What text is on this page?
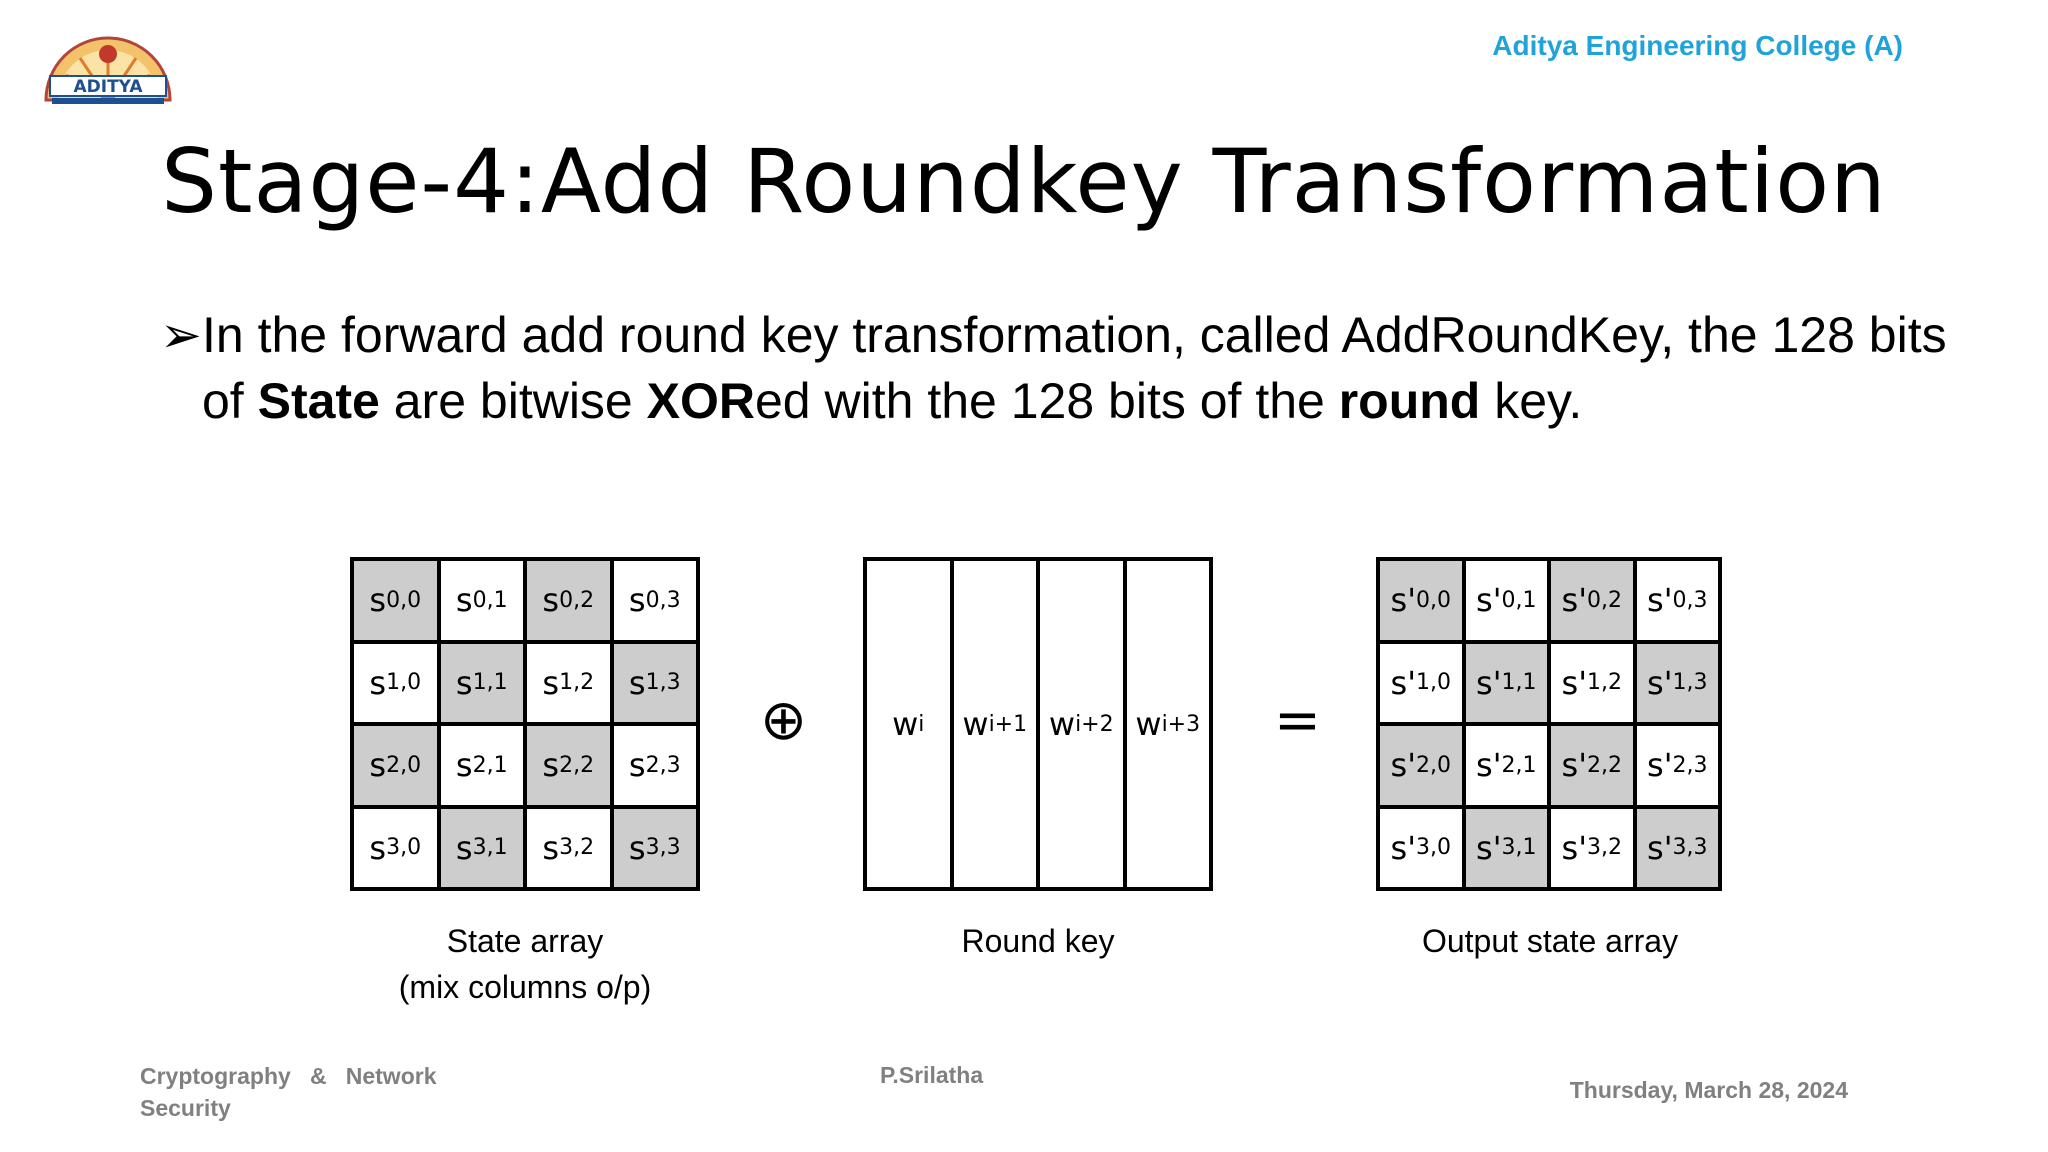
ADITYA
Aditya Engineering College (A)
Stage-4:Add Roundkey Transformation
➢In the forward add round key transformation, called AddRoundKey, the 128 bits of State are bitwise XORed with the 128 bits of the round key.
s 0,0 s 0,1 s 0,2 s 0,3
s 1,0 s 1,1 s 1,2 s 1,3
s 2,0 s 2,1 s 2,2 s 2,3
s 3,0 s 3,1 s 3,2 s 3,3
State array
(mix columns o/p)
⊕	w i w i+1 w i+2 w i+3
Round key
=
s' 0,0 s' 0,1 s' 0,2 s' 0,3
s' 1,0 s' 1,1 s' 1,2 s' 1,3
s' 2,0 s' 2,1 s' 2,2 s' 2,3
s' 3,0 s' 3,1 s' 3,2 s' 3,3
Output state array
Cryptography   &   Network
Security
P.Srilatha
Thursday, March 28, 2024
